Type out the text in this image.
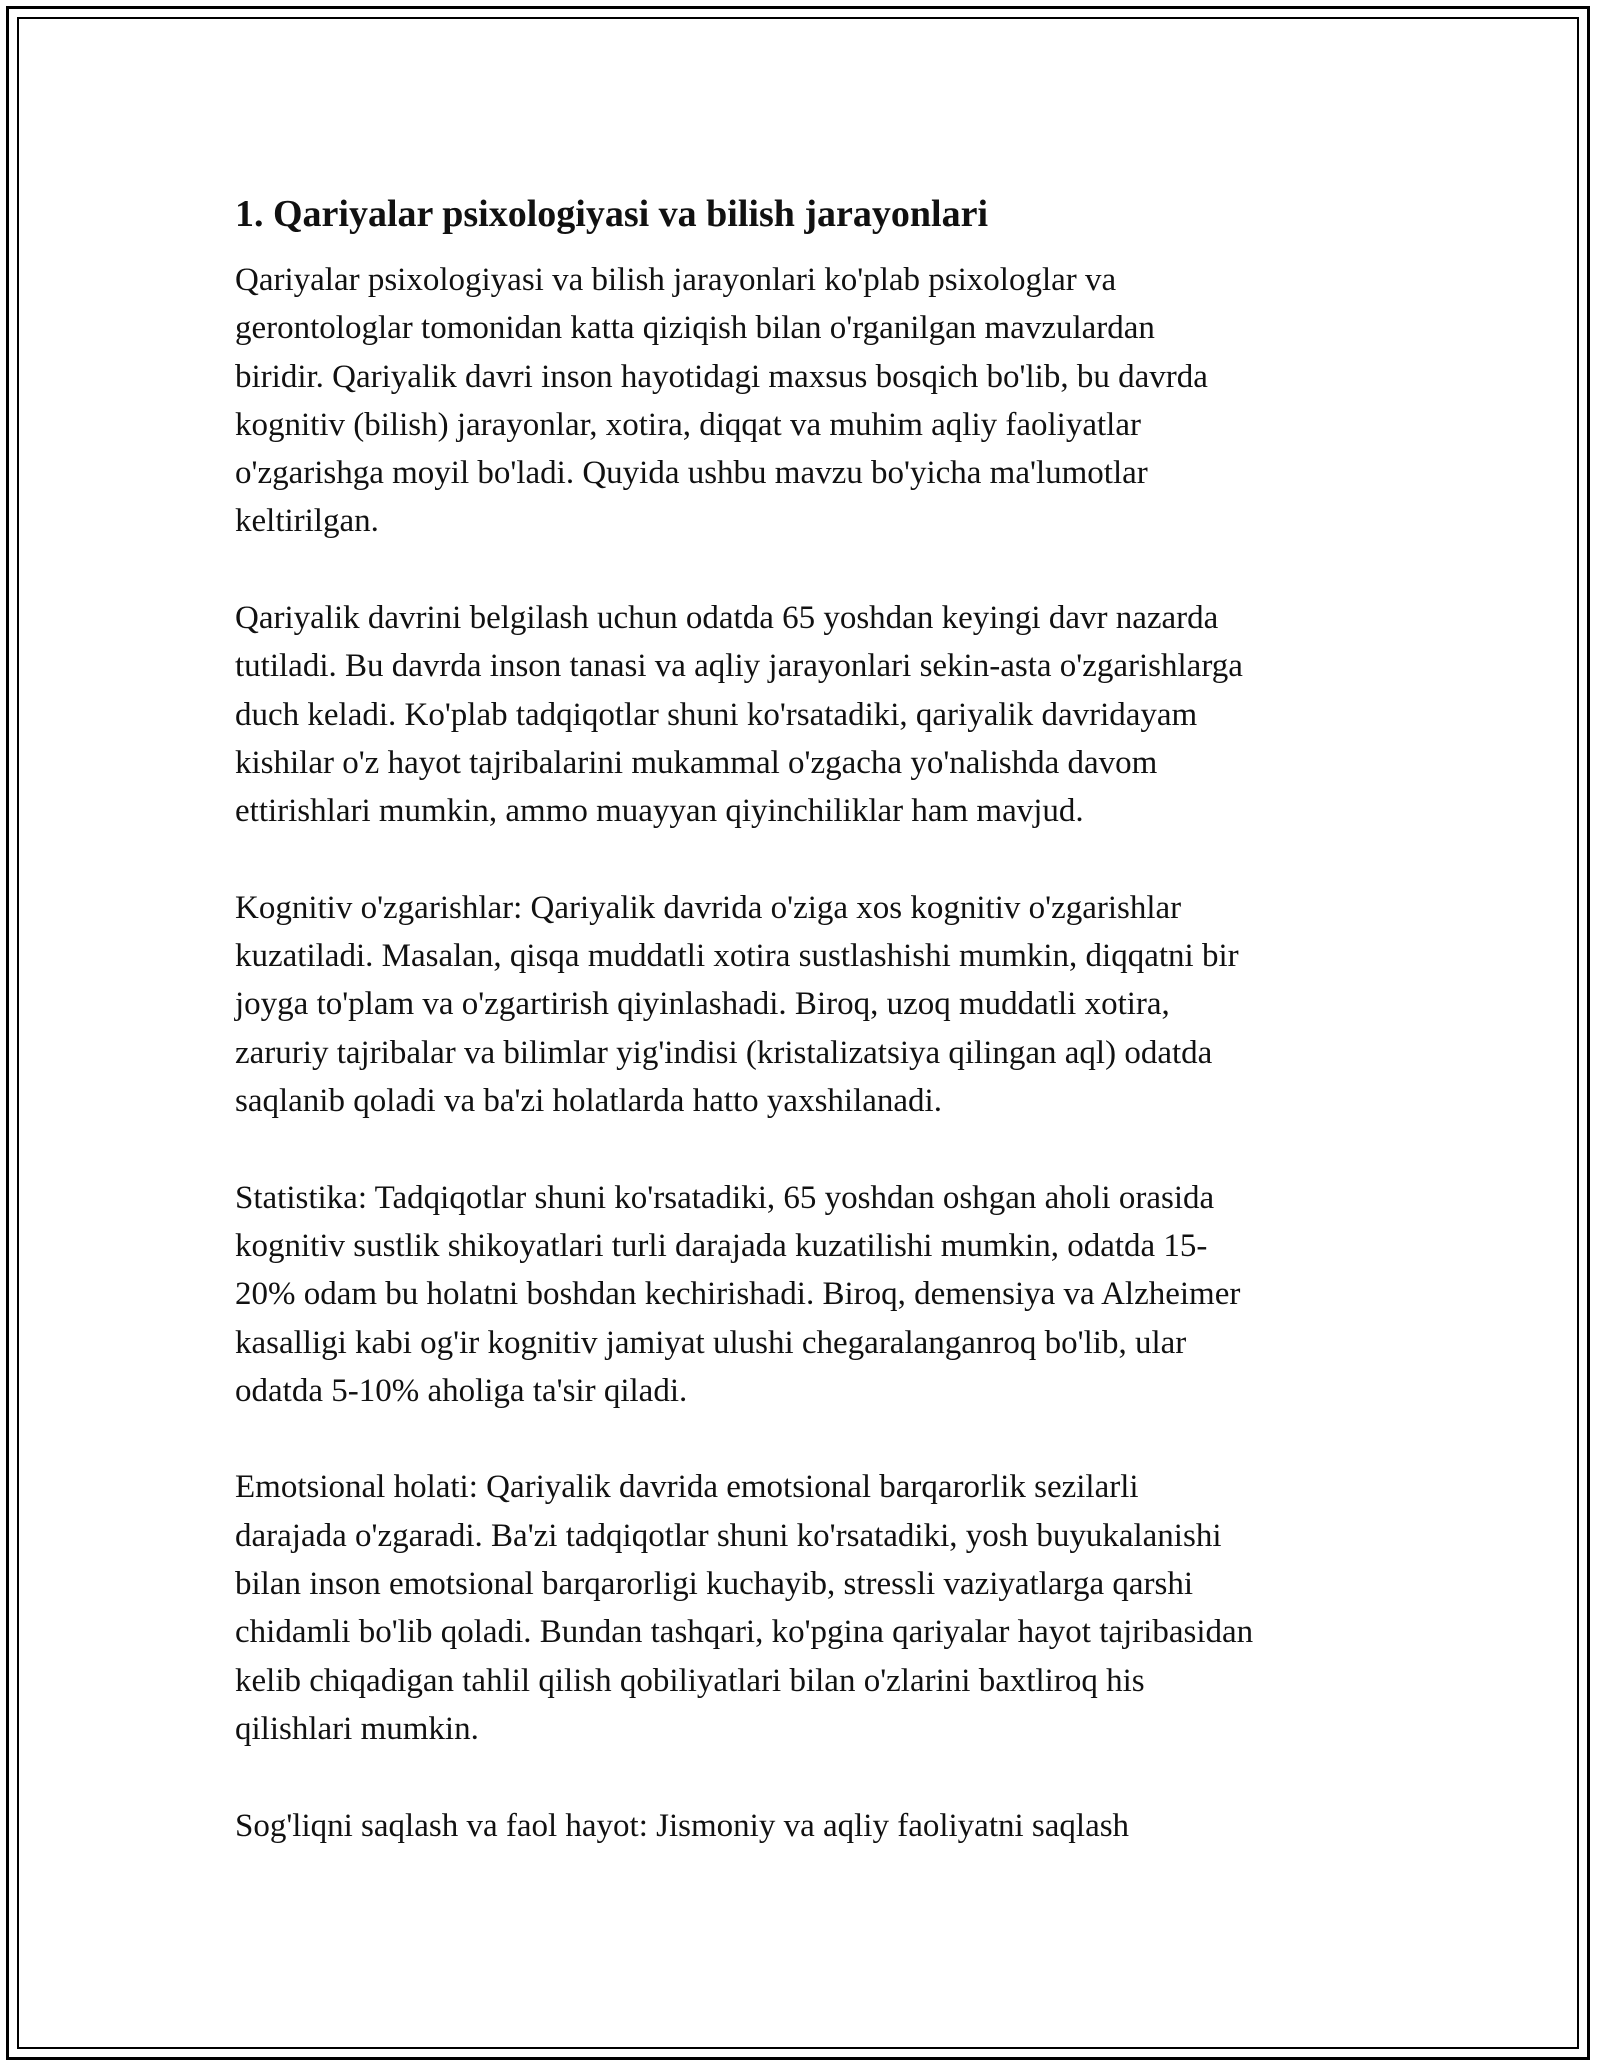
1. Qariyalar psixologiyasi va bilish jarayonlari
Qariyalar psixologiyasi va bilish jarayonlari ko'plab psixologlar va
gerontologlar tomonidan katta qiziqish bilan o'rganilgan mavzulardan
biridir. Qariyalik davri inson hayotidagi maxsus bosqich bo'lib, bu davrda
kognitiv (bilish) jarayonlar, xotira, diqqat va muhim aqliy faoliyatlar
o'zgarishga moyil bo'ladi. Quyida ushbu mavzu bo'yicha ma'lumotlar
keltirilgan.
Qariyalik davrini belgilash uchun odatda 65 yoshdan keyingi davr nazarda
tutiladi. Bu davrda inson tanasi va aqliy jarayonlari sekin-asta o'zgarishlarga
duch keladi. Ko'plab tadqiqotlar shuni ko'rsatadiki, qariyalik davridayam
kishilar o'z hayot tajribalarini mukammal o'zgacha yo'nalishda davom
ettirishlari mumkin, ammo muayyan qiyinchiliklar ham mavjud.
Kognitiv o'zgarishlar: Qariyalik davrida o'ziga xos kognitiv o'zgarishlar
kuzatiladi. Masalan, qisqa muddatli xotira sustlashishi mumkin, diqqatni bir
joyga to'plam va o'zgartirish qiyinlashadi. Biroq, uzoq muddatli xotira,
zaruriy tajribalar va bilimlar yig'indisi (kristalizatsiya qilingan aql) odatda
saqlanib qoladi va ba'zi holatlarda hatto yaxshilanadi.
Statistika: Tadqiqotlar shuni ko'rsatadiki, 65 yoshdan oshgan aholi orasida
kognitiv sustlik shikoyatlari turli darajada kuzatilishi mumkin, odatda 15-
20% odam bu holatni boshdan kechirishadi. Biroq, demensiya va Alzheimer
kasalligi kabi og'ir kognitiv jamiyat ulushi chegaralanganroq bo'lib, ular
odatda 5-10% aholiga ta'sir qiladi.
Emotsional holati: Qariyalik davrida emotsional barqarorlik sezilarli
darajada o'zgaradi. Ba'zi tadqiqotlar shuni ko'rsatadiki, yosh buyukalanishi
bilan inson emotsional barqarorligi kuchayib, stressli vaziyatlarga qarshi
chidamli bo'lib qoladi. Bundan tashqari, ko'pgina qariyalar hayot tajribasidan
kelib chiqadigan tahlil qilish qobiliyatlari bilan o'zlarini baxtliroq his
qilishlari mumkin.
Sog'liqni saqlash va faol hayot: Jismoniy va aqliy faoliyatni saqlash
